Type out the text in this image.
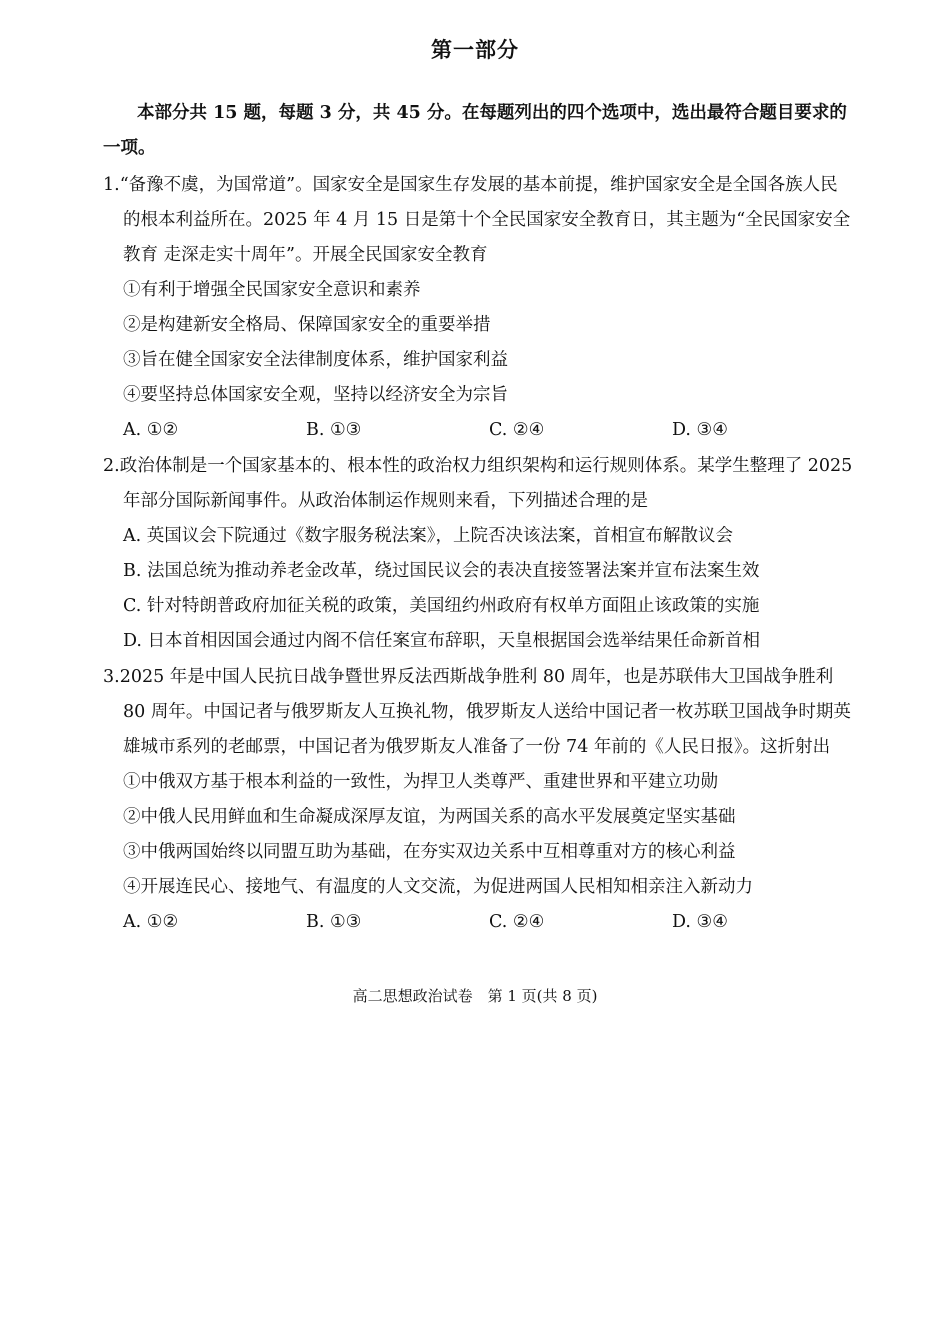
第一部分
本部分共 15 题，每题 3 分，共 45 分。在每题列出的四个选项中，选出最符合题目要求的一项。
1.“备豫不虞，为国常道”。国家安全是国家生存发展的基本前提，维护国家安全是全国各族人民的根本利益所在。2025 年 4 月 15 日是第十个全民国家安全教育日，其主题为“全民国家安全教育 走深走实十周年”。开展全民国家安全教育
①有利于增强全民国家安全意识和素养
②是构建新安全格局、保障国家安全的重要举措
③旨在健全国家安全法律制度体系，维护国家利益
④要坚持总体国家安全观，坚持以经济安全为宗旨
A. ①②	B. ①③	C. ②④	D. ③④
2.政治体制是一个国家基本的、根本性的政治权力组织架构和运行规则体系。某学生整理了 2025 年部分国际新闻事件。从政治体制运作规则来看，下列描述合理的是
A. 英国议会下院通过《数字服务税法案》，上院否决该法案，首相宣布解散议会
B. 法国总统为推动养老金改革，绕过国民议会的表决直接签署法案并宣布法案生效
C. 针对特朗普政府加征关税的政策，美国纽约州政府有权单方面阻止该政策的实施
D. 日本首相因国会通过内阁不信任案宣布辞职，天皇根据国会选举结果任命新首相
3.2025 年是中国人民抗日战争暨世界反法西斯战争胜利 80 周年，也是苏联伟大卫国战争胜利 80 周年。中国记者与俄罗斯友人互换礼物，俄罗斯友人送给中国记者一枚苏联卫国战争时期英雄城市系列的老邮票，中国记者为俄罗斯友人准备了一份 74 年前的《人民日报》。这折射出
①中俄双方基于根本利益的一致性，为捍卫人类尊严、重建世界和平建立功勋
②中俄人民用鲜血和生命凝成深厚友谊，为两国关系的高水平发展奠定坚实基础
③中俄两国始终以同盟互助为基础，在夯实双边关系中互相尊重对方的核心利益
④开展连民心、接地气、有温度的人文交流，为促进两国人民相知相亲注入新动力
A. ①②	B. ①③	C. ②④	D. ③④
高二思想政治试卷　第 1 页(共 8 页)
